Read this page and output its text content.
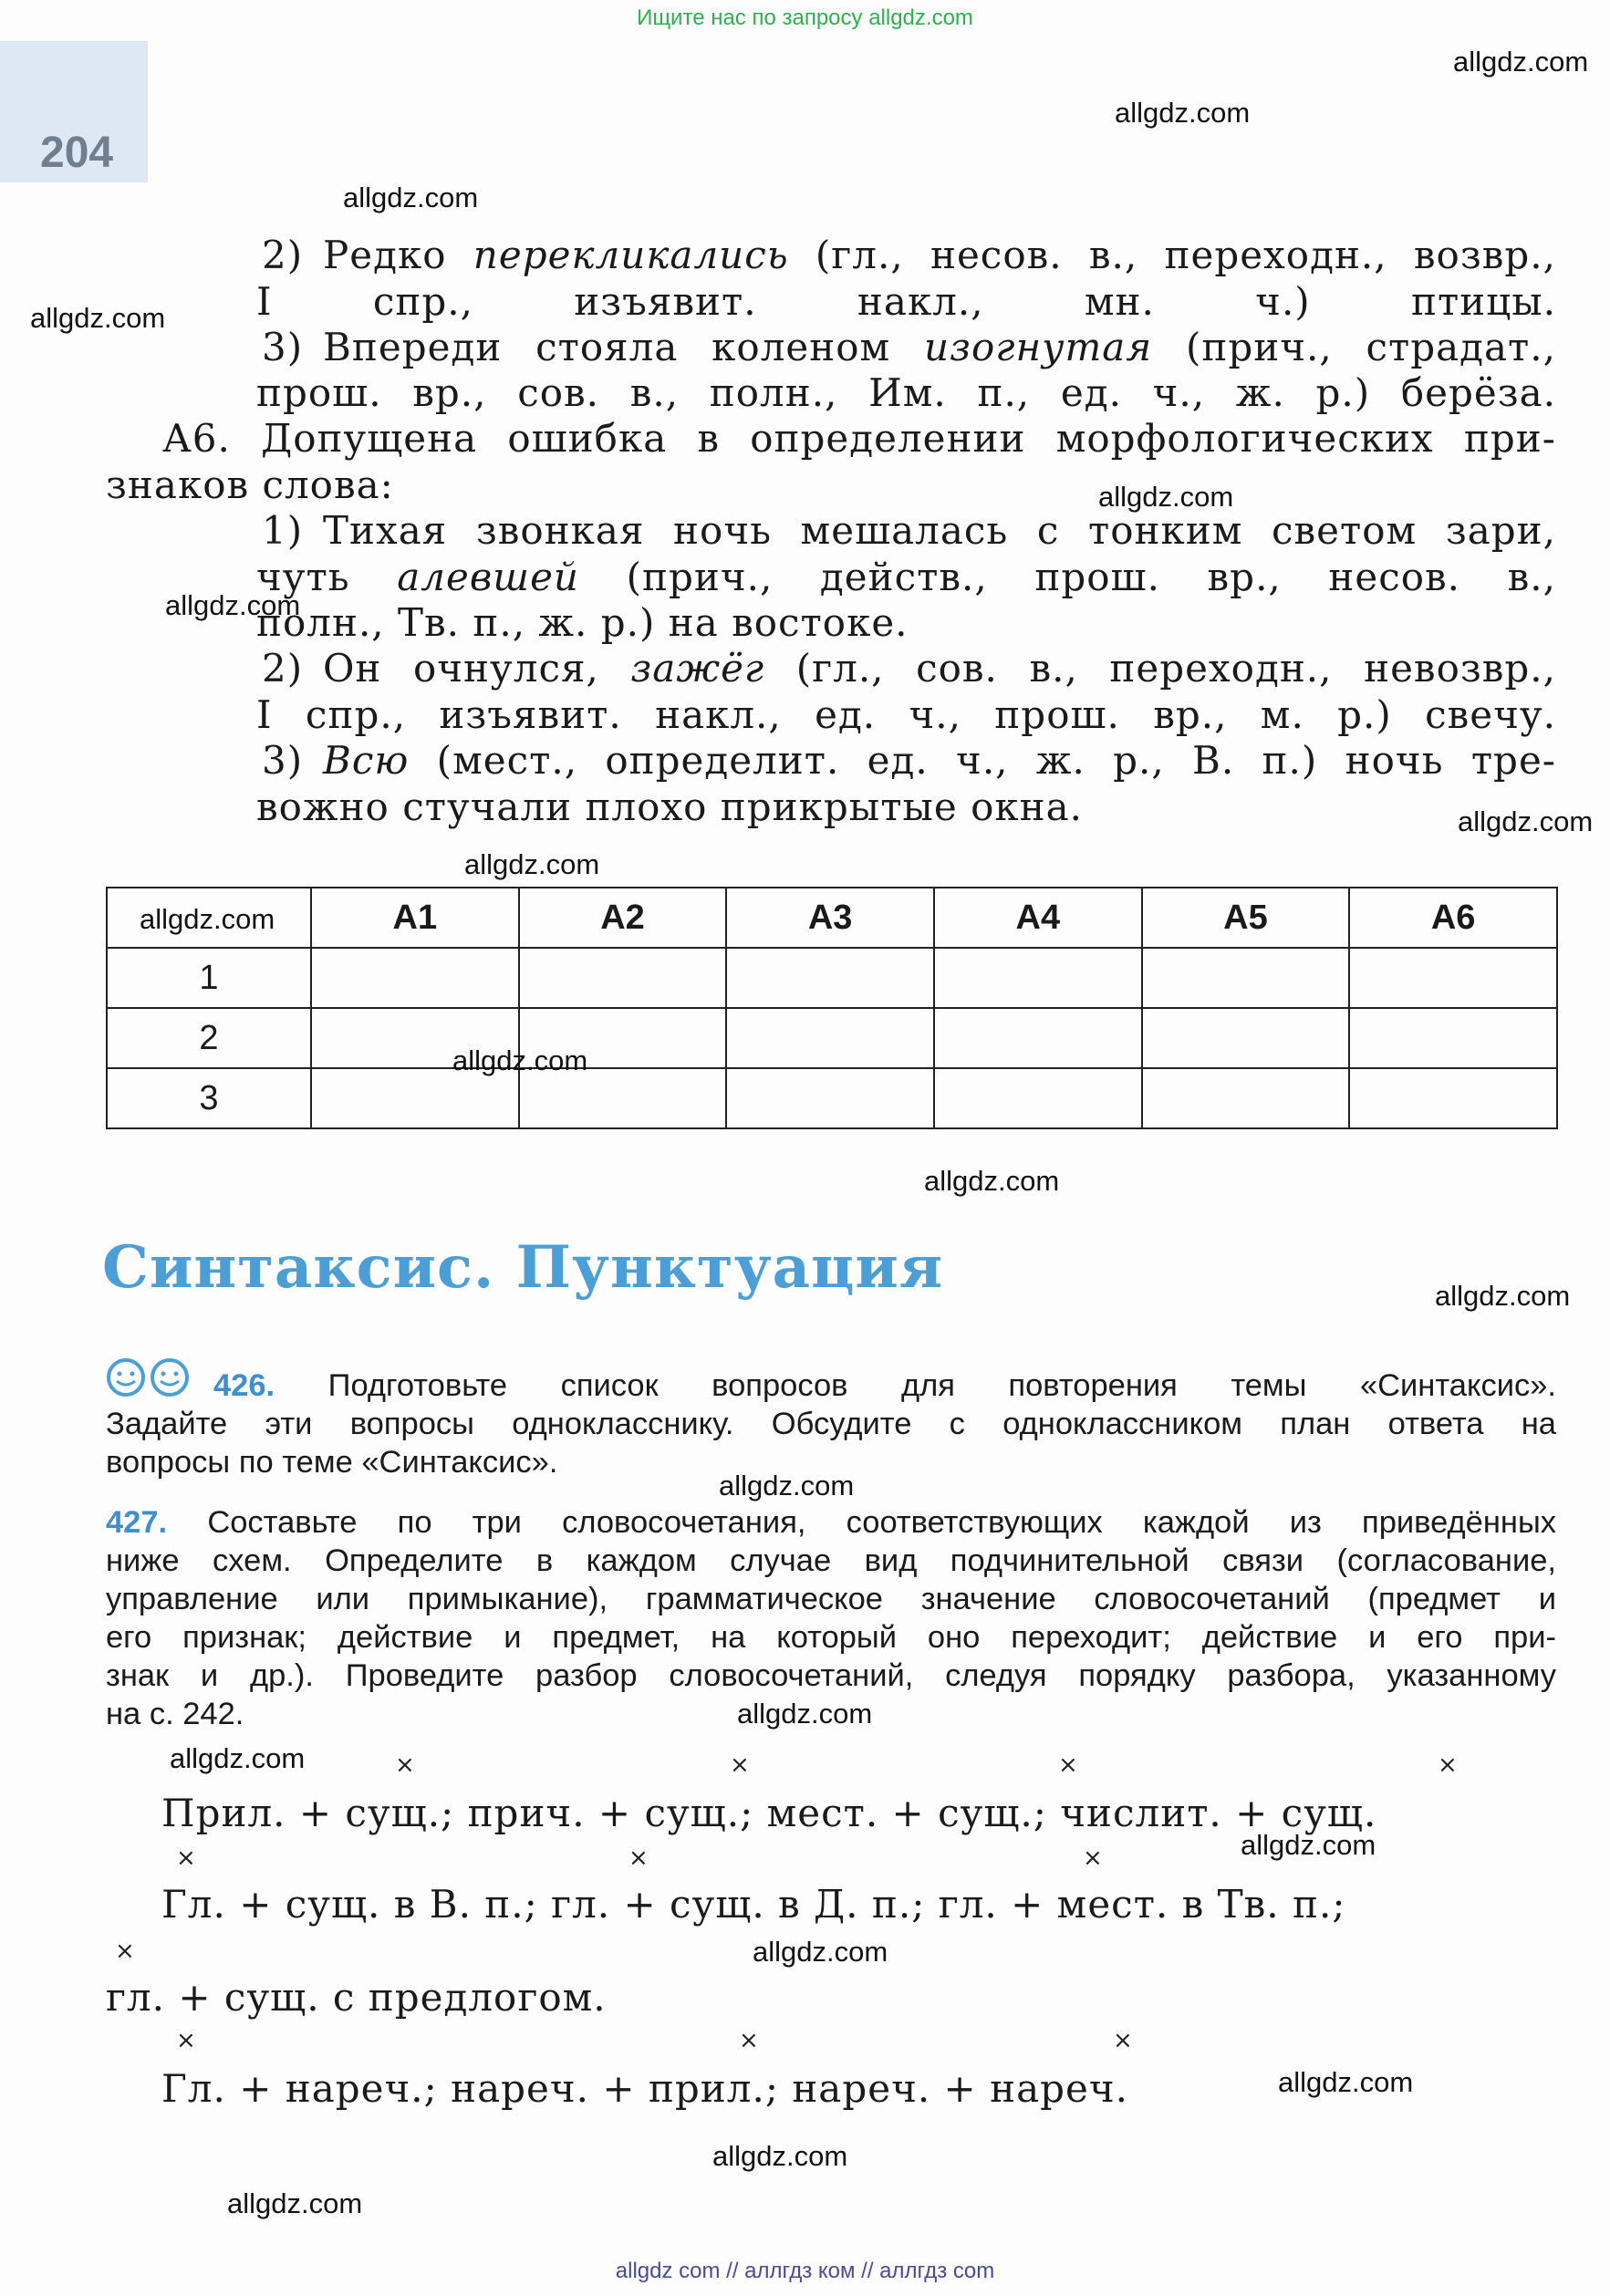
Ищите нас по запросу allgdz.com
204
2) Редко перекликались (гл., несов. в., переходн., возвр.,
I спр., изъявит. накл., мн. ч.) птицы.
3) Впереди стояла коленом изогнутая (прич., страдат.,
прош. вр., сов. в., полн., Им. п., ед. ч., ж. р.) берёза.
А6. Допущена ошибка в определении морфологических при-
знаков слова:
1) Тихая звонкая ночь мешалась с тонким светом зари,
чуть алевшей (прич., действ., прош. вр., несов. в.,
полн., Тв. п., ж. р.) на востоке.
2) Он очнулся, зажёг (гл., сов. в., переходн., невозвр.,
I спр., изъявит. накл., ед. ч., прош. вр., м. р.) свечу.
3) Всю (мест., определит. ед. ч., ж. р., В. п.) ночь тре-
вожно стучали плохо прикрытые окна.
	А1	А2	А3	А4	А5	А6
1						
2						
3						
Синтаксис. Пунктуация
426. Подготовьте список вопросов для повторения темы «Синтаксис».
Задайте эти вопросы однокласснику. Обсудите с одноклассником план ответа на
вопросы по теме «Синтаксис».
427. Составьте по три словосочетания, соответствующих каждой из приведённых
ниже схем. Определите в каждом случае вид подчинительной связи (согласование,
управление или примыкание), грамматическое значение словосочетаний (предмет и
его признак; действие и предмет, на который оно переходит; действие и его при-
знак и др.). Проведите разбор словосочетаний, следуя порядку разбора, указанному
на с. 242.
×	×	×	×
Прил. + сущ.; прич. + сущ.; мест. + сущ.; числит. + сущ.
×	×	×
Гл. + сущ. в В. п.; гл. + сущ. в Д. п.; гл. + мест. в Тв. п.;
×
гл. + сущ. с предлогом.
×	×	×
Гл. + нареч.; нареч. + прил.; нареч. + нареч.
allgdz.com
allgdz.com
allgdz.com
allgdz.com
allgdz.com
allgdz.com
allgdz.com
allgdz.com
allgdz.com
allgdz.com
allgdz.com
allgdz.com
allgdz.com
allgdz.com
allgdz.com
allgdz.com
allgdz.com
allgdz.com
allgdz.com
allgdz.com
allgdz com // аллгдз ком // аллгдз com
